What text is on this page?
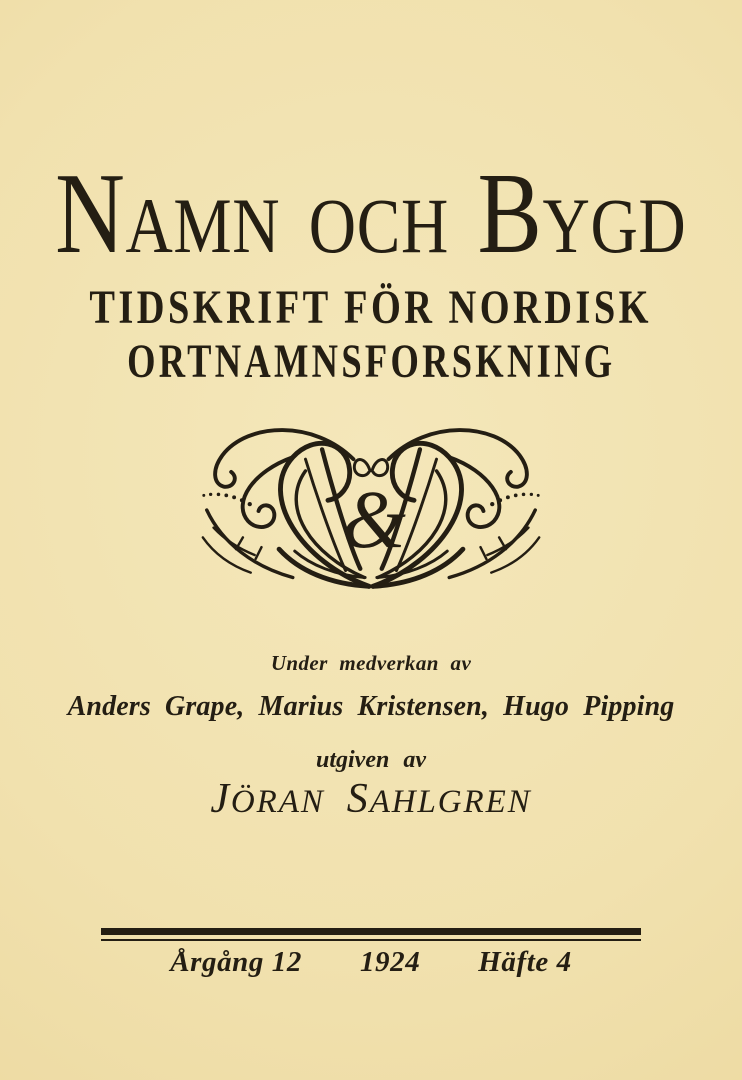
N AMN OCH B YGD
TIDSKRIFT FÖR NORDISK
ORTNAMNSFORSKNING
&
Under medverkan av
Anders Grape, Marius Kristensen, Hugo Pipping
utgiven av
J ÖRAN S AHLGREN
Årgång 12 1924 Häfte 4
